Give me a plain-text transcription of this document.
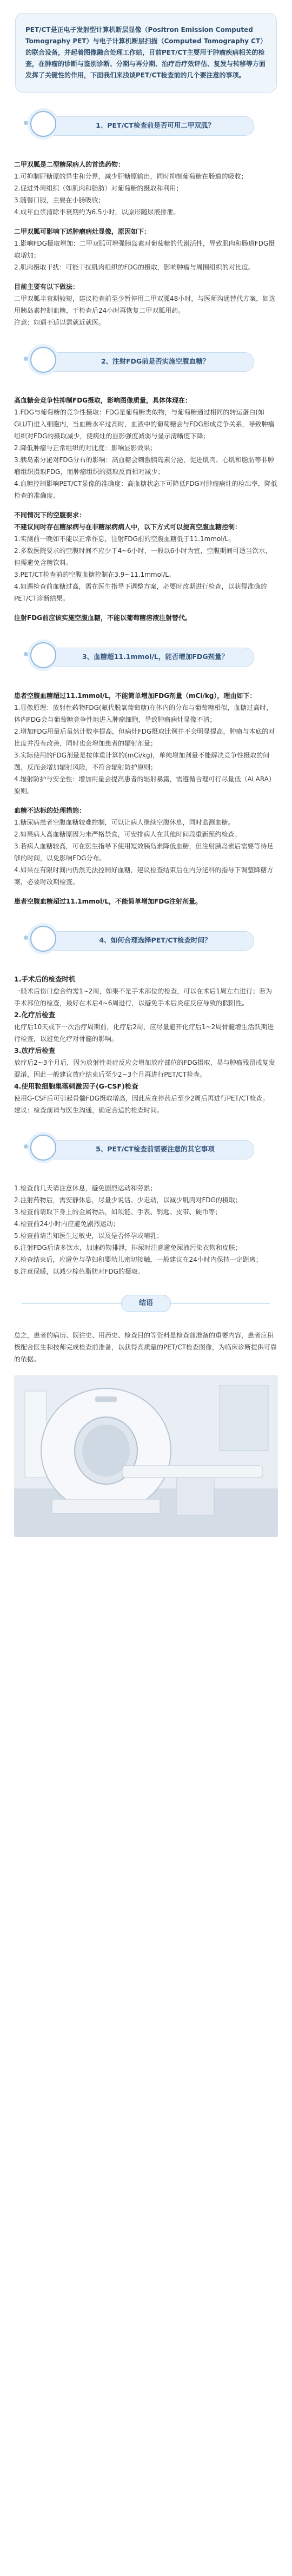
PET/CT是正电子发射型计算机断层显像（Positron Emission Computed Tomography PET）与电子计算机断层扫描（Computed Tomography CT）的联合设备，并起着图像融合处理工作站，目前PET/CT主要用于肿瘤疾病相关的检查，在肿瘤的诊断与鉴别诊断、分期与再分期、治疗后疗效评估、复发与转移等方面发挥了关键性的作用，下面我们来浅谈PET/CT检查前的几个要注意的事项。
1、PET/CT检查前是否可用二甲双胍？
二甲双胍是二型糖尿病人的首选药物：
1.可抑制肝糖原的异生和分界，减少肝糖原输出，同时抑制葡萄糖在肠道的吸收；
2.促进外周组织（如肌肉和脂肪）对葡萄糖的摄取和利用；
3.随餐口服，主要在小肠吸收；
4.成年血浆清除半衰期约为6.5小时，以原形随尿液排泄。
二甲双胍可影响下述肿瘤病灶显像，原因如下：
1.影响FDG摄取增加：二甲双胍可增强胰岛素对葡萄糖的代谢活性，导致肌肉和肠道FDG摄取增加；
2.肌肉摄取干扰：可能干扰肌肉组织的FDG的摄取，影响肿瘤与周围组织的对比度。
目前主要有以下做法：
二甲双胍半衰期较短，建议检查前至少暂停用二甲双胍48小时，与医师沟通替代方案，如选用胰岛素控制血糖，于检查后24小时再恢复二甲双胍用药。
注意：如遇不适以需就近就医。
2、注射FDG前是否实施空腹血糖？
高血糖会竞争性抑制FDG摄取，影响图像质量，具体体现在：
1.FDG与葡萄糖的竞争性摄取：FDG是葡萄糖类似物，与葡萄糖通过相同的转运蛋白(如GLUT)进入细胞内，当血糖水平过高时，血液中的葡萄糖会与FDG形成竞争关系，导致肿瘤组织对FDG的摄取减少，使病灶的显影强度减弱与显示清晰度下降；
2.降低肿瘤与正常组织的对比度：影响显影效果；
3.胰岛素分泌对FDG分布的影响：高血糖会刺激胰岛素分泌，促进肌肉、心肌和脂肪等非肿瘤组织摄取FDG，而肿瘤组织的摄取反而相对减少；
4.血糖控制影响PET/CT显像的准确度：高血糖状态下可降低FDG对肿瘤病灶的检出率，降低检查的准确度。
不同情况下的空腹要求：
不建议同时存在糖尿病与在非糖尿病病人中，以下方式可以提高空腹血糖控制：
1.实测前一晚如不能以正常作息，注射FDG前的空腹血糖低于11.1mmol/L。
2.多数医院要求的空腹时间不应少于4~6小时，一般以6小时为宜，空腹期间可适当饮水，但需避免含糖饮料。
3.PET/CT检查前的空腹血糖控制在3.9~11.1mmol/L。
4.如遇检查前血糖过高，需在医生指导下调整方案，必要时改期进行检查，以获得准确的PET/CT诊断结果。
注射FDG前应该实施空腹血糖，不能以葡萄糖溶液注射替代。
3、血糖超11.1mmol/L，能否增加FDG剂量？
患者空腹血糖超过11.1mmol/L，不能简单增加FDG剂量（mCi/kg），理由如下：
1.显像原理：放射性药物FDG(氟代脱氧葡萄糖)在体内的分布与葡萄糖相似，血糖过高时，体内FDG会与葡萄糖竞争性地进入肿瘤细胞，导致肿瘤病灶显像不清；
2.增加FDG用量后虽然计数率提高，但病灶FDG摄取比例并不会明显提高，肿瘤与本底的对比度并没有改善，同时也会增加患者的辐射剂量；
3.实际使用的FDG剂量是按体重计算的(mCi/kg)，单纯增加剂量不能解决竞争性摄取的问题，反而会增加辐射风险，不符合辐射防护原则；
4.辐射防护与安全性：增加用量会提高患者的辐射暴露，需遵循合理可行尽量低（ALARA）原则。
血糖不达标的处理措施：
1.糖尿病患者空腹血糖较难控制，可以让病人继续空腹休息，同时监测血糖。
2.如果病人高血糖原因为未严格禁食，可安排病人在其他时间段重新预约检查。
3.若病人血糖较高，可在医生指导下使用短效胰岛素降低血糖，但注射胰岛素后需要等待足够的时间，以免影响FDG分布。
4.如果在有限时间内仍然无法控制好血糖，建议检查结束后在内分泌科的指导下调整降糖方案，必要时改期检查。
患者空腹血糖超过11.1mmol/L，不能简单增加FDG注射剂量。
4、如何合理选择PET/CT检查时间？
1.手术后的检查时机
一般术后伤口愈合约需1~2周，如果不是手术部位的检查，可以在术后1周左右进行；若为手术部位的检查，最好在术后4~6周进行，以避免手术后炎症反应导致的假阳性。
2.化疗后检查
化疗后10天或下一次治疗周期前，化疗后2周，应尽量避开化疗后1~2周骨髓增生活跃期进行检查，以避免化疗对骨髓的影响。
3.放疗后检查
放疗后2~3个月后，因为放射性炎症反应会增加放疗部位的FDG摄取，易与肿瘤残留或复发混淆，因此一般建议放疗结束后至少2~3个月再进行PET/CT检查。
4.使用粒细胞集落刺激因子(G-CSF)检查
使用G-CSF后可引起骨髓FDG摄取增高，因此应在停药后至少2周后再进行PET/CT检查。
建议：检查前请与医生沟通，确定合适的检查时间。
5、PET/CT检查前需要注意的其它事项
1.检查前几天请注意休息，避免剧烈运动和劳累；
2.注射药物后，需安静休息，尽量少说话、少走动，以减少肌肉对FDG的摄取；
3.检查前请取下身上的金属物品，如项链、手表、钥匙、皮带、硬币等；
4.检查前24小时内应避免剧烈运动；
5.检查前请告知医生过敏史，以及是否怀孕或哺乳；
6.注射FDG后请多饮水，加速药物排泄，排尿时注意避免尿液污染衣物和皮肤；
7.检查结束后，应避免与孕妇和婴幼儿密切接触，一般建议在24小时内保持一定距离；
8.注意保暖，以减少棕色脂肪对FDG的摄取。
结语
总之，患者的病历、既往史、用药史、检查目的等资料是检查前准备的重要内容，患者应积极配合医生和技师完成检查前准备，以获得高质量的PET/CT检查图像，为临床诊断提供可靠的依据。
